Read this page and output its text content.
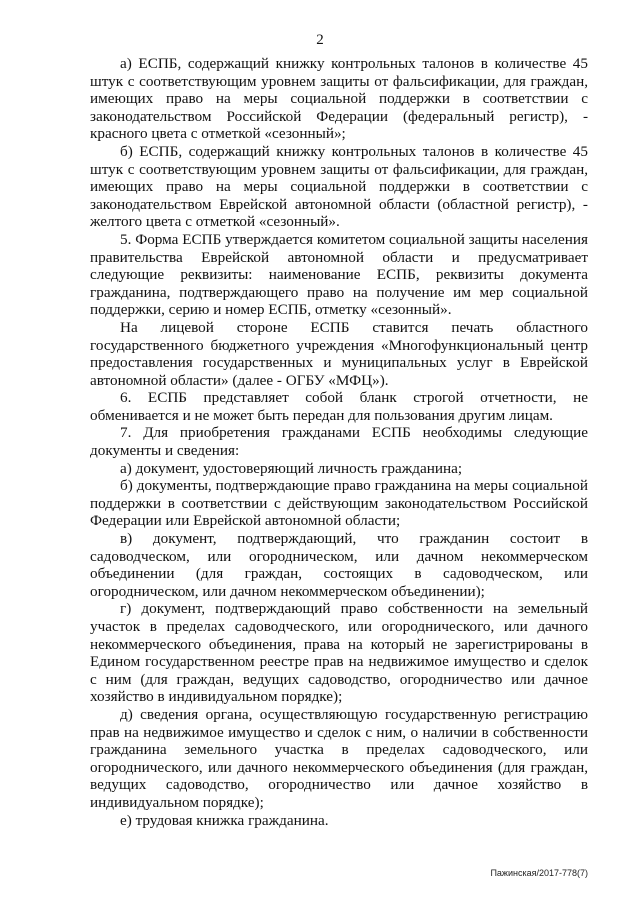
2

а) ЕСПБ, содержащий книжку контрольных талонов в количестве 45 штук с соответствующим уровнем защиты от фальсификации, для граждан, имеющих право на меры социальной поддержки в соответствии с законодательством Российской Федерации (федеральный регистр), - красного цвета с отметкой «сезонный»;

б) ЕСПБ, содержащий книжку контрольных талонов в количестве 45 штук с соответствующим уровнем защиты от фальсификации, для граждан, имеющих право на меры социальной поддержки в соответствии с законодательством Еврейской автономной области (областной регистр), - желтого цвета с отметкой «сезонный».

5. Форма ЕСПБ утверждается комитетом социальной защиты населения правительства Еврейской автономной области и предусматривает следующие реквизиты: наименование ЕСПБ, реквизиты документа гражданина, подтверждающего право на получение им мер социальной поддержки, серию и номер ЕСПБ, отметку «сезонный».

На лицевой стороне ЕСПБ ставится печать областного государственного бюджетного учреждения «Многофункциональный центр предоставления государственных и муниципальных услуг в Еврейской автономной области» (далее - ОГБУ «МФЦ»).

6. ЕСПБ представляет собой бланк строгой отчетности, не обменивается и не может быть передан для пользования другим лицам.

7. Для приобретения гражданами ЕСПБ необходимы следующие документы и сведения:

а) документ, удостоверяющий личность гражданина;

б) документы, подтверждающие право гражданина на меры социальной поддержки в соответствии с действующим законодательством Российской Федерации или Еврейской автономной области;

в) документ, подтверждающий, что гражданин состоит в садоводческом, или огородническом, или дачном некоммерческом объединении (для граждан, состоящих в садоводческом, или огородническом, или дачном некоммерческом объединении);

г) документ, подтверждающий право собственности на земельный участок в пределах садоводческого, или огороднического, или дачного некоммерческого объединения, права на который не зарегистрированы в Едином государственном реестре прав на недвижимое имущество и сделок с ним (для граждан, ведущих садоводство, огородничество или дачное хозяйство в индивидуальном порядке);

д) сведения органа, осуществляющую государственную регистрацию прав на недвижимое имущество и сделок с ним, о наличии в собственности гражданина земельного участка в пределах садоводческого, или огороднического, или дачного некоммерческого объединения (для граждан, ведущих садоводство, огородничество или дачное хозяйство в индивидуальном порядке);

е) трудовая книжка гражданина.

Пажинская/2017-778(7)
